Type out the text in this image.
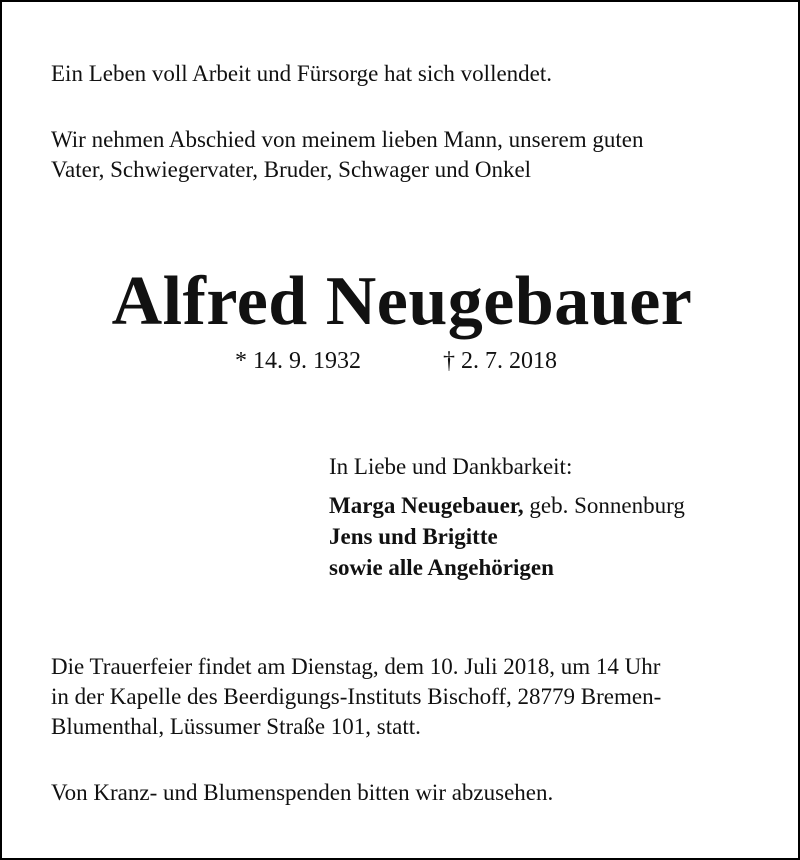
Ein Leben voll Arbeit und Fürsorge hat sich vollendet.
Wir nehmen Abschied von meinem lieben Mann, unserem guten
Vater, Schwiegervater, Bruder, Schwager und Onkel
Alfred Neugebauer
* 14. 9. 1932	† 2. 7. 2018
In Liebe und Dankbarkeit:
Marga Neugebauer, geb. Sonnenburg
Jens und Brigitte
sowie alle Angehörigen
Die Trauerfeier findet am Dienstag, dem 10. Juli 2018, um 14 Uhr
in der Kapelle des Beerdigungs-Instituts Bischoff, 28779 Bremen-
Blumenthal, Lüssumer Straße 101, statt.
Von Kranz- und Blumenspenden bitten wir abzusehen.
